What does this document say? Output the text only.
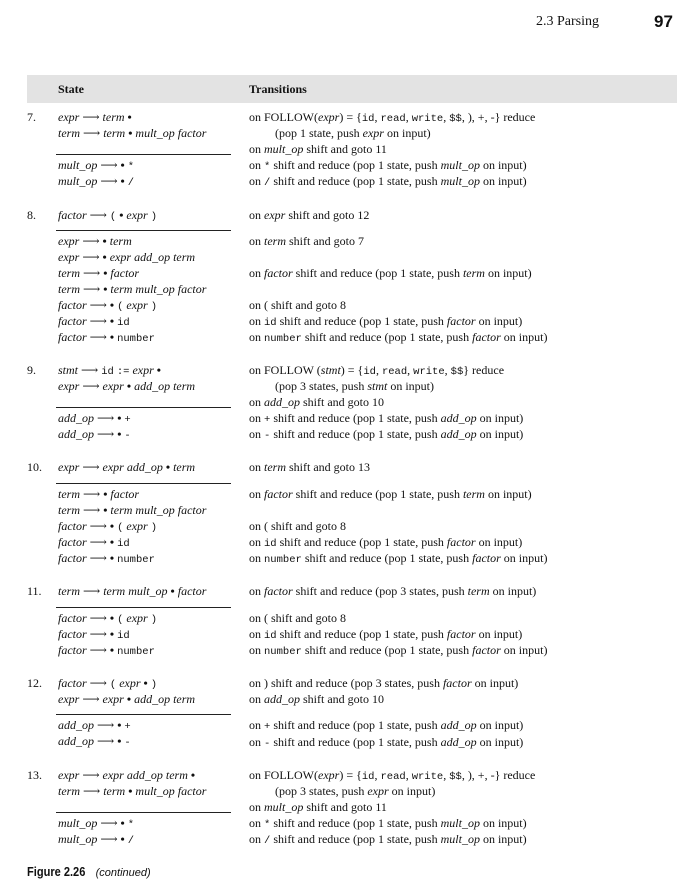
2.3 Parsing	97
State	Transitions
7. expr ⟶ term •
term ⟶ term • mult_op factor
mult_op ⟶ • *
mult_op ⟶ • /
on FOLLOW(expr) = {id, read, write, $$, ), +, -} reduce
(pop 1 state, push expr on input)
on mult_op shift and goto 11
on * shift and reduce (pop 1 state, push mult_op on input)
on / shift and reduce (pop 1 state, push mult_op on input)
8. factor ⟶ ( • expr )
expr ⟶ • term
expr ⟶ • expr add_op term
term ⟶ • factor
term ⟶ • term mult_op factor
factor ⟶ • ( expr )
factor ⟶ • id
factor ⟶ • number
on expr shift and goto 12
on term shift and goto 7
on factor shift and reduce (pop 1 state, push term on input)
on ( shift and goto 8
on id shift and reduce (pop 1 state, push factor on input)
on number shift and reduce (pop 1 state, push factor on input)
9. stmt ⟶ id := expr •
expr ⟶ expr • add_op term
add_op ⟶ • +
add_op ⟶ • -
on FOLLOW (stmt) = {id, read, write, $$} reduce
(pop 3 states, push stmt on input)
on add_op shift and goto 10
on + shift and reduce (pop 1 state, push add_op on input)
on - shift and reduce (pop 1 state, push add_op on input)
10. expr ⟶ expr add_op • term
term ⟶ • factor
term ⟶ • term mult_op factor
factor ⟶ • ( expr )
factor ⟶ • id
factor ⟶ • number
on term shift and goto 13
on factor shift and reduce (pop 1 state, push term on input)
on ( shift and goto 8
on id shift and reduce (pop 1 state, push factor on input)
on number shift and reduce (pop 1 state, push factor on input)
11. term ⟶ term mult_op • factor
factor ⟶ • ( expr )
factor ⟶ • id
factor ⟶ • number
on factor shift and reduce (pop 3 states, push term on input)
on ( shift and goto 8
on id shift and reduce (pop 1 state, push factor on input)
on number shift and reduce (pop 1 state, push factor on input)
12. factor ⟶ ( expr • )
expr ⟶ expr • add_op term
add_op ⟶ • +
add_op ⟶ • -
on ) shift and reduce (pop 3 states, push factor on input)
on add_op shift and goto 10
on + shift and reduce (pop 1 state, push add_op on input)
on - shift and reduce (pop 1 state, push add_op on input)
13. expr ⟶ expr add_op term •
term ⟶ term • mult_op factor
mult_op ⟶ • *
mult_op ⟶ • /
on FOLLOW(expr) = {id, read, write, $$, ), +, -} reduce
(pop 3 states, push expr on input)
on mult_op shift and goto 11
on * shift and reduce (pop 1 state, push mult_op on input)
on / shift and reduce (pop 1 state, push mult_op on input)
Figure 2.26 (continued)
